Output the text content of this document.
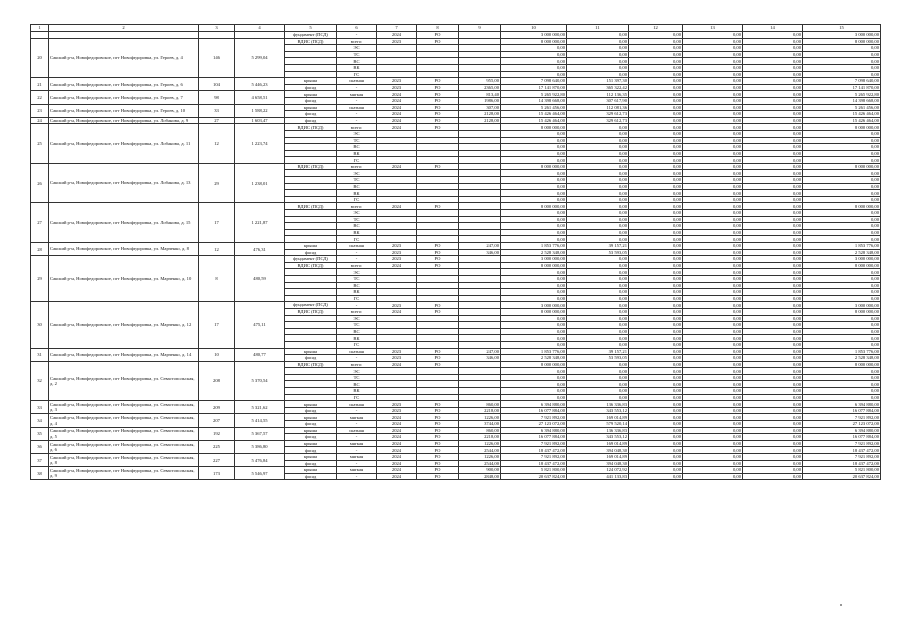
1	2	3	4	5	6	7	8	9	10	11	12	13	14	15
				фундамент (ПСД)	-	2024	РО		3 000 000,00	0,00	0,00	0,00	0,00	3 000 000,00
20	Сакский р-н, Новофедоровское, пгт Новофедоровка, ул. Героев, д. 4	146	5 299,04	ВДИС (ПСД)	всего:	2023	РО		8 000 000,00	0,00	0,00	0,00	0,00	8 000 000,00
					ЭС				0,00	0,00	0,00	0,00	0,00	0,00
					ТС				0,00	0,00	0,00	0,00	0,00	0,00
					ВС				0,00	0,00	0,00	0,00	0,00	0,00
					ВК				0,00	0,00	0,00	0,00	0,00	0,00
					ГС				0,00	0,00	0,00	0,00	0,00	0,00
21	Сакский р-н, Новофедоровское, пгт Новофедоровка, ул. Героев, д. 6	104	5 446,23	крыша	скатная	2023	РО	955,00	7 098 640,00	151 397,30	0,00	0,00	0,00	7 098 640,00
				фасад	-	2023	РО	2365,00	17 141 870,00	365 322,42	0,00	0,00	0,00	17 141 870,00
22	Сакский р-н, Новофедоровское, пгт Новофедоровка, ул. Героев, д. 7	98	4 658,51	крыша	мягкая	2024	РО	813,40	5 265 922,80	112 136,35	0,00	0,00	0,00	5 265 922,80
				фасад	-	2024	РО	1986,00	14 398 668,00	307 617,90	0,00	0,00	0,00	14 398 668,00
23	Сакский р-н, Новофедоровское, пгт Новофедоровка, ул. Героев, д. 10	33	1 588,22	крыша	скатная	2024	РО	307,00	5 261 456,00	112 081,36	0,00	0,00	0,00	5 261 456,00
				фасад	-	2024	РО	2128,00	15 426 464,00	329 612,73	0,00	0,00	0,00	15 426 464,00
24	Сакский р-н, Новофедоровское, пгт Новофедоровка, ул. Лобанова, д. 9	27	1 603,47	фасад	-	2024	РО	2128,00	15 426 464,00	329 612,73	0,00	0,00	0,00	15 426 464,00
25	Сакский р-н, Новофедоровское, пгт Новофедоровка, ул. Лобанова, д. 11	12	1 223,74	ВДИС (ПСД)	всего:	2024	РО		8 000 000,00	0,00	0,00	0,00	0,00	8 000 000,00
					ЭС				0,00	0,00	0,00	0,00	0,00	0,00
					ТС				0,00	0,00	0,00	0,00	0,00	0,00
					ВС				0,00	0,00	0,00	0,00	0,00	0,00
					ВК				0,00	0,00	0,00	0,00	0,00	0,00
					ГС				0,00	0,00	0,00	0,00	0,00	0,00
26	Сакский р-н, Новофедоровское, пгт Новофедоровка, ул. Лобанова, д. 13	29	1 238,01	ВДИС (ПСД)	всего:	2024	РО		8 000 000,00	0,00	0,00	0,00	0,00	8 000 000,00
					ЭС				0,00	0,00	0,00	0,00	0,00	0,00
					ТС				0,00	0,00	0,00	0,00	0,00	0,00
					ВС				0,00	0,00	0,00	0,00	0,00	0,00
					ВК				0,00	0,00	0,00	0,00	0,00	0,00
					ГС				0,00	0,00	0,00	0,00	0,00	0,00
27	Сакский р-н, Новофедоровское, пгт Новофедоровка, ул. Лобанова, д. 15	17	1 221,87	ВДИС (ПСД)	всего:	2024	РО		8 000 000,00	0,00	0,00	0,00	0,00	8 000 000,00
					ЭС				0,00	0,00	0,00	0,00	0,00	0,00
					ТС				0,00	0,00	0,00	0,00	0,00	0,00
					ВС				0,00	0,00	0,00	0,00	0,00	0,00
					ВК				0,00	0,00	0,00	0,00	0,00	0,00
					ГС				0,00	0,00	0,00	0,00	0,00	0,00
28	Сакский р-н, Новофедоровское, пгт Новофедоровка, ул. Марченко, д. 8	12	476,31	крыша	скатная	2023	РО	247,00	1 853 776,00	39 157,21	0,00	0,00	0,00	1 853 776,00
				фасад	-	2023	РО	346,00	2 528 348,00	53 593,05	0,00	0,00	0,00	2 528 348,00
29	Сакский р-н, Новофедоровское, пгт Новофедоровка, ул. Марченко, д. 10	8	480,59	фундамент (ПСД)	-	2023	РО		3 000 000,00	0,00	0,00	0,00	0,00	3 000 000,00
				ВДИС (ПСД)	всего:	2024	РО		8 000 000,00	0,00	0,00	0,00	0,00	8 000 000,00
					ЭС				0,00	0,00	0,00	0,00	0,00	0,00
					ТС				0,00	0,00	0,00	0,00	0,00	0,00
					ВС				0,00	0,00	0,00	0,00	0,00	0,00
					ВК				0,00	0,00	0,00	0,00	0,00	0,00
					ГС				0,00	0,00	0,00	0,00	0,00	0,00
30	Сакский р-н, Новофедоровское, пгт Новофедоровка, ул. Марченко, д. 12	17	475,11	фундамент (ПСД)	-	2023	РО		3 000 000,00	0,00	0,00	0,00	0,00	3 000 000,00
				ВДИС (ПСД)	всего:	2024	РО		8 000 000,00	0,00	0,00	0,00	0,00	8 000 000,00
					ЭС				0,00	0,00	0,00	0,00	0,00	0,00
					ТС				0,00	0,00	0,00	0,00	0,00	0,00
					ВС				0,00	0,00	0,00	0,00	0,00	0,00
					ВК				0,00	0,00	0,00	0,00	0,00	0,00
					ГС				0,00	0,00	0,00	0,00	0,00	0,00
31	Сакский р-н, Новофедоровское, пгт Новофедоровка, ул. Марченко, д. 14	10	480,77	крыша	скатная	2023	РО	247,00	1 853 776,00	39 157,21	0,00	0,00	0,00	1 853 776,00
				фасад	-	2023	РО	346,00	2 528 348,00	53 593,05	0,00	0,00	0,00	2 528 348,00
32	Сакский р-н, Новофедоровское, пгт Новофедоровка, ул. Севастопольская, д. 2	208	5 370,54	ВДИС (ПСД)	всего:	2024	РО		8 000 000,00	0,00	0,00	0,00	0,00	8 000 000,00
					ЭС				0,00	0,00	0,00	0,00	0,00	0,00
					ТС				0,00	0,00	0,00	0,00	0,00	0,00
					ВС				0,00	0,00	0,00	0,00	0,00	0,00
					ВК				0,00	0,00	0,00	0,00	0,00	0,00
					ГС				0,00	0,00	0,00	0,00	0,00	0,00
33	Сакский р-н, Новофедоровское, пгт Новофедоровка, ул. Севастопольская, д. 3	209	5 321,62	крыша	скатная	2023	РО	860,00	6 394 880,00	136 336,83	0,00	0,00	0,00	6 394 880,00
				фасад	-	2023	РО	2218,00	16 077 884,00	343 553,12	0,00	0,00	0,00	16 077 884,00
34	Сакский р-н, Новофедоровское, пгт Новофедоровка, ул. Севастопольская, д. 4	207	5 414,55	крыша	мягкая	2024	РО	1226,00	7 921 892,00	169 014,89	0,00	0,00	0,00	7 921 892,00
				фасад	-	2024	РО	3744,00	27 123 072,00	579 520,14	0,00	0,00	0,00	27 123 072,00
35	Сакский р-н, Новофедоровское, пгт Новофедоровка, ул. Севастопольская, д. 5	192	5 367,57	крыша	скатная	2024	РО	860,00	6 394 880,00	136 336,83	0,00	0,00	0,00	6 394 880,00
				фасад	-	2024	РО	2218,00	16 077 884,00	343 553,12	0,00	0,00	0,00	16 077 884,00
36	Сакский р-н, Новофедоровское, пгт Новофедоровка, ул. Севастопольская, д. 6	225	5 386,80	крыша	мягкая	2024	РО	1226,00	7 921 892,00	169 014,89	0,00	0,00	0,00	7 921 892,00
				фасад	-	2024	РО	2544,00	18 437 472,00	394 048,30	0,00	0,00	0,00	18 437 472,00
37	Сакский р-н, Новофедоровское, пгт Новофедоровка, ул. Севастопольская, д. 8	227	5 476,84	крыша	мягкая	2024	РО	1226,00	7 921 892,00	169 014,89	0,00	0,00	0,00	7 921 892,00
				фасад	-	2024	РО	2544,00	18 437 472,00	394 048,30	0,00	0,00	0,00	18 437 472,00
38	Сакский р-н, Новофедоровское, пгт Новофедоровка, ул. Севастопольская, д. 9	173	5 546,97	крыша	мягкая	2024	РО	900,00	5 821 800,00	124 072,92	0,00	0,00	0,00	5 821 800,00
				фасад	-	2024	РО	2848,00	20 637 824,00	441 133,83	0,00	0,00	0,00	20 637 824,00
